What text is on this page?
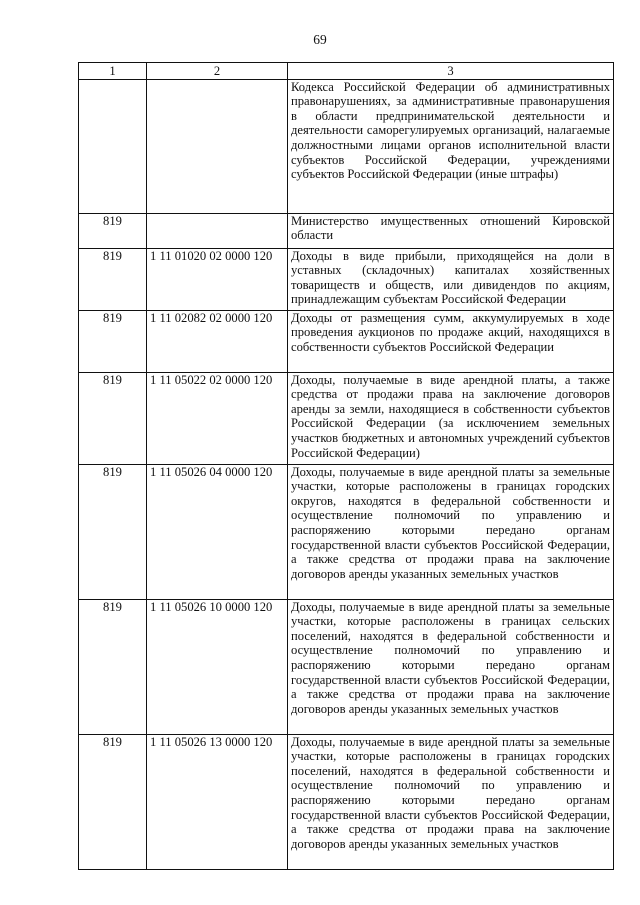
69
1	2	3
		Кодекса Российской Федерации об административных правонарушениях, за административные правонарушения в области предпринимательской деятельности и деятельности саморегулируемых организаций, налагаемые должностными лицами органов исполнительной власти субъектов Российской Федерации, учреждениями субъектов Российской Федерации (иные штрафы)
819		Министерство имущественных отношений Кировской области
819	1 11 01020 02 0000 120	Доходы в виде прибыли, приходящейся на доли в уставных (складочных) капиталах хозяйственных товариществ и обществ, или дивидендов по акциям, принадлежащим субъектам Российской Федерации
819	1 11 02082 02 0000 120	Доходы от размещения сумм, аккумулируемых в ходе проведения аукционов по продаже акций, находящихся в собственности субъектов Российской Федерации
819	1 11 05022 02 0000 120	Доходы, получаемые в виде арендной платы, а также средства от продажи права на заключение договоров аренды за земли, находящиеся в собственности субъектов Российской Федерации (за исключением земельных участков бюджетных и автономных учреждений субъектов Российской Федерации)
819	1 11 05026 04 0000 120	Доходы, получаемые в виде арендной платы за земельные участки, которые расположены в границах городских округов, находятся в федеральной собственности и осуществление полномочий по управлению и распоряжению которыми передано органам государственной власти субъектов Российской Федерации, а также средства от продажи права на заключение договоров аренды указанных земельных участков
819	1 11 05026 10 0000 120	Доходы, получаемые в виде арендной платы за земельные участки, которые расположены в границах сельских поселений, находятся в федеральной собственности и осуществление полномочий по управлению и распоряжению которыми передано органам государственной власти субъектов Российской Федерации, а также средства от продажи права на заключение договоров аренды указанных земельных участков
819	1 11 05026 13 0000 120	Доходы, получаемые в виде арендной платы за земельные участки, которые расположены в границах городских поселений, находятся в федеральной собственности и осуществление полномочий по управлению и распоряжению которыми передано органам государственной власти субъектов Российской Федерации, а также средства от продажи права на заключение договоров аренды указанных земельных участков
